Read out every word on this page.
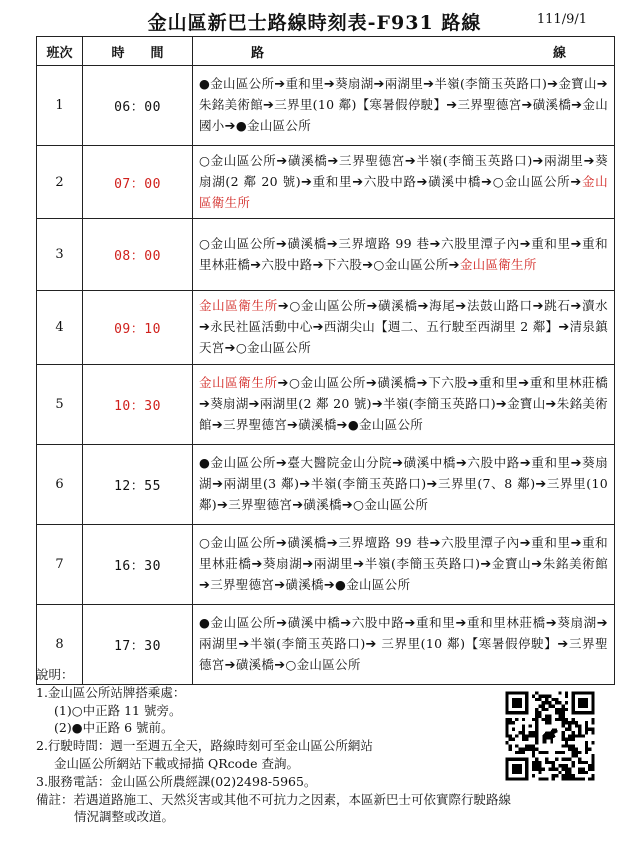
金山區新巴士路線時刻表-F931 路線	111/9/1
班次	時　　間	路 線

1	06：00	●金山區公所➔重和里➔葵扇湖➔兩湖里➔半嶺(李簡玉英路口)➔金寶山➔朱銘美術館➔三界里(10 鄰)【寒暑假停駛】➔三界聖德宮➔磺溪橋➔金山國小➔●金山區公所
2	07：00	○金山區公所➔磺溪橋➔三界聖德宮➔半嶺(李簡玉英路口)➔兩湖里➔葵扇湖(2 鄰 20 號)➔重和里➔六股中路➔磺溪中橋➔○金山區公所➔金山區衛生所
3	08：00	○金山區公所➔磺溪橋➔三界壇路 99 巷➔六股里潭子內➔重和里➔重和里林莊橋➔六股中路➔下六股➔○金山區公所➔金山區衛生所
4	09：10	金山區衛生所➔○金山區公所➔磺溪橋➔海尾➔法鼓山路口➔跳石➔瀆水➔永民社區活動中心➔西湖尖山【週二、五行駛至西湖里 2 鄰】➔清泉鎮天宮➔○金山區公所
5	10：30	金山區衛生所➔○金山區公所➔磺溪橋➔下六股➔重和里➔重和里林莊橋➔葵扇湖➔兩湖里(2 鄰 20 號)➔半嶺(李簡玉英路口)➔金寶山➔朱銘美術館➔三界聖德宮➔磺溪橋➔●金山區公所
6	12：55	●金山區公所➔臺大醫院金山分院➔磺溪中橋➔六股中路➔重和里➔葵扇湖➔兩湖里(3 鄰)➔半嶺(李簡玉英路口)➔三界里(7、8 鄰)➔三界里(10 鄰)➔三界聖德宮➔磺溪橋➔○金山區公所
7	16：30	○金山區公所➔磺溪橋➔三界壇路 99 巷➔六股里潭子內➔重和里➔重和里林莊橋➔葵扇湖➔兩湖里➔半嶺(李簡玉英路口)➔金寶山➔朱銘美術館➔三界聖德宮➔磺溪橋➔●金山區公所
8	17：30	●金山區公所➔磺溪中橋➔六股中路➔重和里➔重和里林莊橋➔葵扇湖➔兩湖里➔半嶺(李簡玉英路口)➔ 三界里(10 鄰)【寒暑假停駛】➔三界聖德宮➔磺溪橋➔○金山區公所
說明：
1.金山區公所站牌搭乘處：
(1)○中正路 11 號旁。
(2)●中正路 6 號前。
2.行駛時間：週一至週五全天，路線時刻可至金山區公所網站
金山區公所網站下載或掃描 QRcode 查詢。
3.服務電話：金山區公所農經課(02)2498-5965。
備註：若遇道路施工、天然災害或其他不可抗力之因素，本區新巴士可依實際行駛路線
情況調整或改道。
